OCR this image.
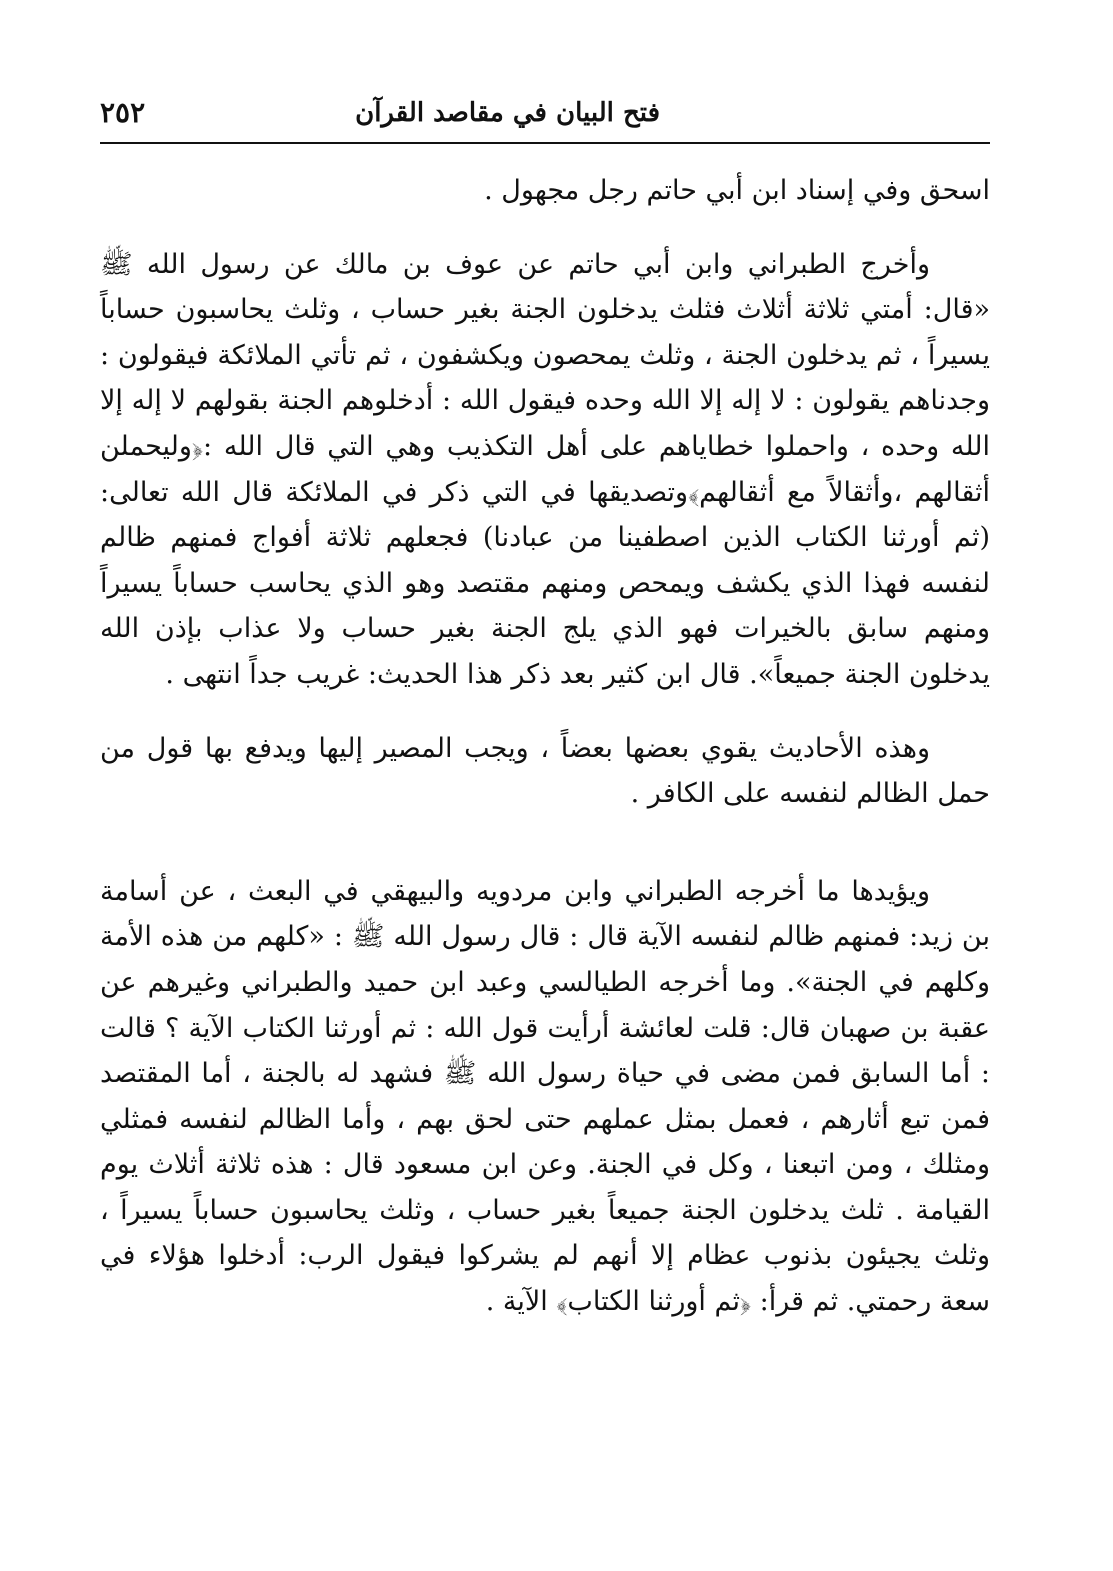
فتح البيان في مقاصد القرآن
٢٥٢

اسحق وفي إسناد ابن أبي حاتم رجل مجهول .

وأخرج الطبراني وابن أبي حاتم عن عوف بن مالك عن رسول الله ﷺ «قال: أمتي ثلاثة أثلاث فثلث يدخلون الجنة بغير حساب ، وثلث يحاسبون حساباً يسيراً ، ثم يدخلون الجنة ، وثلث يمحصون ويكشفون ، ثم تأتي الملائكة فيقولون : وجدناهم يقولون : لا إله إلا الله وحده فيقول الله : أدخلوهم الجنة بقولهم لا إله إلا الله وحده ، واحملوا خطاياهم على أهل التكذيب وهي التي قال الله :﴿وليحملن أثقالهم ،وأثقالاً مع أثقالهم﴾وتصديقها في التي ذكر في الملائكة قال الله تعالى: (ثم أورثنا الكتاب الذين اصطفينا من عبادنا) فجعلهم ثلاثة أفواج فمنهم ظالم لنفسه فهذا الذي يكشف ويمحص ومنهم مقتصد وهو الذي يحاسب حساباً يسيراً ومنهم سابق بالخيرات فهو الذي يلج الجنة بغير حساب ولا عذاب بإذن الله يدخلون الجنة جميعاً». قال ابن كثير بعد ذكر هذا الحديث: غريب جداً انتهى .

وهذه الأحاديث يقوي بعضها بعضاً ، ويجب المصير إليها ويدفع بها قول من حمل الظالم لنفسه على الكافر .

ويؤيدها ما أخرجه الطبراني وابن مردويه والبيهقي في البعث ، عن أسامة بن زيد: فمنهم ظالم لنفسه الآية قال : قال رسول الله ﷺ : «كلهم من هذه الأمة وكلهم في الجنة». وما أخرجه الطيالسي وعبد ابن حميد والطبراني وغيرهم عن عقبة بن صهبان قال: قلت لعائشة أرأيت قول الله : ثم أورثنا الكتاب الآية ؟ قالت : أما السابق فمن مضى في حياة رسول الله ﷺ فشهد له بالجنة ، أما المقتصد فمن تبع أثارهم ، فعمل بمثل عملهم حتى لحق بهم ، وأما الظالم لنفسه فمثلي ومثلك ، ومن اتبعنا ، وكل في الجنة. وعن ابن مسعود قال : هذه ثلاثة أثلاث يوم القيامة . ثلث يدخلون الجنة جميعاً بغير حساب ، وثلث يحاسبون حساباً يسيراً ، وثلث يجيئون بذنوب عظام إلا أنهم لم يشركوا فيقول الرب: أدخلوا هؤلاء في سعة رحمتي. ثم قرأ: ﴿ثم أورثنا الكتاب﴾ الآية .
